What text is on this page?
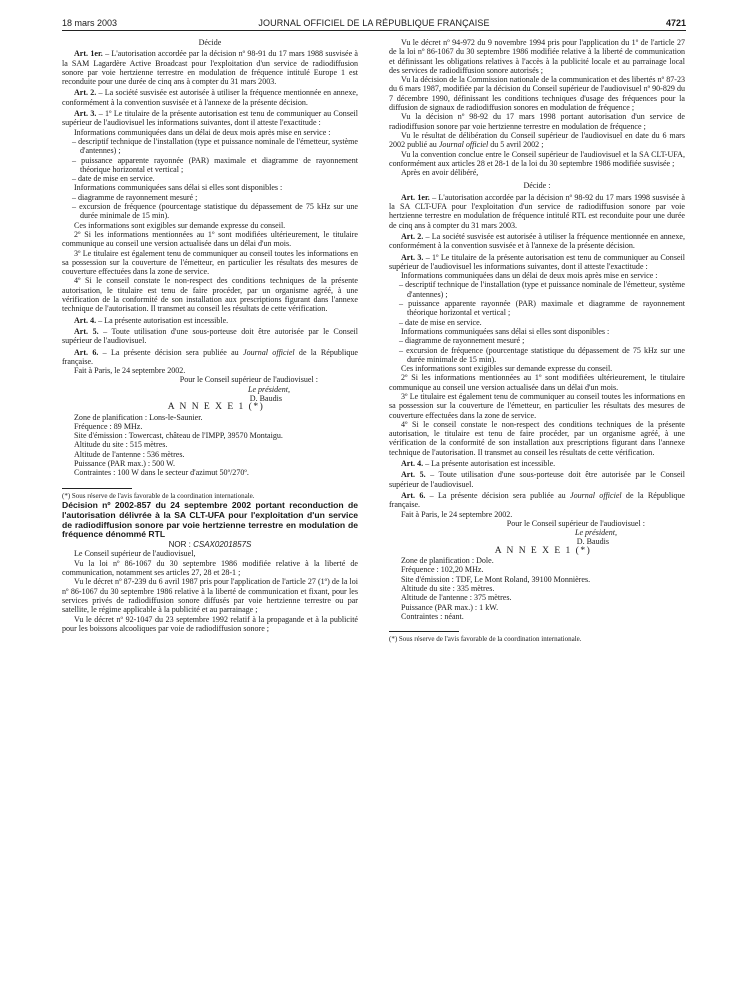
18 mars 2003	JOURNAL OFFICIEL DE LA RÉPUBLIQUE FRANÇAISE	4721

Décide

Art. 1er. – L'autorisation accordée par la décision nº 98-91 du 17 mars 1988 susvisée à la SAM Lagardère Active Broadcast pour l'exploitation d'un service de radiodiffusion sonore par voie hertzienne terrestre en modulation de fréquence intitulé Europe 1 est reconduite pour une durée de cinq ans à compter du 31 mars 2003.

Art. 2. – La société susvisée est autorisée à utiliser la fréquence mentionnée en annexe, conformément à la convention susvisée et à l'annexe de la présente décision.

Art. 3. – 1º Le titulaire de la présente autorisation est tenu de communiquer au Conseil supérieur de l'audiovisuel les informations suivantes, dont il atteste l'exactitude :

Informations communiquées dans un délai de deux mois après mise en service :

– descriptif technique de l'installation (type et puissance nominale de l'émetteur, système d'antennes) ;
– puissance apparente rayonnée (PAR) maximale et diagramme de rayonnement théorique horizontal et vertical ;
– date de mise en service.

Informations communiquées sans délai si elles sont disponibles :

– diagramme de rayonnement mesuré ;
– excursion de fréquence (pourcentage statistique du dépassement de 75 kHz sur une durée minimale de 15 min).

Ces informations sont exigibles sur demande expresse du conseil.

2º Si les informations mentionnées au 1º sont modifiées ultérieurement, le titulaire communique au conseil une version actualisée dans un délai d'un mois.

3º Le titulaire est également tenu de communiquer au conseil toutes les informations en sa possession sur la couverture de l'émetteur, en particulier les résultats des mesures de couverture effectuées dans la zone de service.

4º Si le conseil constate le non-respect des conditions techniques de la présente autorisation, le titulaire est tenu de faire procéder, par un organisme agréé, à une vérification de la conformité de son installation aux prescriptions figurant dans l'annexe technique de l'autorisation. Il transmet au conseil les résultats de cette vérification.

Art. 4. – La présente autorisation est incessible.

Art. 5. – Toute utilisation d'une sous-porteuse doit être autorisée par le Conseil supérieur de l'audiovisuel.

Art. 6. – La présente décision sera publiée au Journal officiel de la République française.

Fait à Paris, le 24 septembre 2002.

Pour le Conseil supérieur de l'audiovisuel :

Le président,

D. Baudis

A N N E X E 1 (*)

Zone de planification : Lons-le-Saunier.

Fréquence : 89 MHz.

Site d'émission : Towercast, château de l'IMPP, 39570 Montaigu.

Altitude du site : 515 mètres.

Altitude de l'antenne : 536 mètres.

Puissance (PAR max.) : 500 W.

Contraintes : 100 W dans le secteur d'azimut 50º/270º.

(*) Sous réserve de l'avis favorable de la coordination internationale.

Décision nº 2002-857 du 24 septembre 2002 portant reconduction de l'autorisation délivrée à la SA CLT-UFA pour l'exploitation d'un service de radiodiffusion sonore par voie hertzienne terrestre en modulation de fréquence dénommé RTL

NOR : CSAX0201857S

Le Conseil supérieur de l'audiovisuel,

Vu la loi nº 86-1067 du 30 septembre 1986 modifiée relative à la liberté de communication, notamment ses articles 27, 28 et 28-1 ;

Vu le décret nº 87-239 du 6 avril 1987 pris pour l'application de l'article 27 (1º) de la loi nº 86-1067 du 30 septembre 1986 relative à la liberté de communication et fixant, pour les services privés de radiodiffusion sonore diffusés par voie hertzienne terrestre ou par satellite, le régime applicable à la publicité et au parrainage ;

Vu le décret nº 92-1047 du 23 septembre 1992 relatif à la propagande et à la publicité pour les boissons alcooliques par voie de radiodiffusion sonore ;

Vu le décret nº 94-972 du 9 novembre 1994 pris pour l'application du 1º de l'article 27 de la loi nº 86-1067 du 30 septembre 1986 modifiée relative à la liberté de communication et définissant les obligations relatives à l'accès à la publicité locale et au parrainage local des services de radiodiffusion sonore autorisés ;

Vu la décision de la Commission nationale de la communication et des libertés nº 87-23 du 6 mars 1987, modifiée par la décision du Conseil supérieur de l'audiovisuel nº 90-829 du 7 décembre 1990, définissant les conditions techniques d'usage des fréquences pour la diffusion de signaux de radiodiffusion sonores en modulation de fréquence ;

Vu la décision nº 98-92 du 17 mars 1998 portant autorisation d'un service de radiodiffusion sonore par voie hertzienne terrestre en modulation de fréquence ;

Vu le résultat de délibération du Conseil supérieur de l'audiovisuel en date du 6 mars 2002 publié au Journal officiel du 5 avril 2002 ;

Vu la convention conclue entre le Conseil supérieur de l'audiovisuel et la SA CLT-UFA, conformément aux articles 28 et 28-1 de la loi du 30 septembre 1986 modifiée susvisée ;

Après en avoir délibéré,

Décide :

Art. 1er. – L'autorisation accordée par la décision nº 98-92 du 17 mars 1998 susvisée à la SA CLT-UFA pour l'exploitation d'un service de radiodiffusion sonore par voie hertzienne terrestre en modulation de fréquence intitulé RTL est reconduite pour une durée de cinq ans à compter du 31 mars 2003.

Art. 2. – La société susvisée est autorisée à utiliser la fréquence mentionnée en annexe, conformément à la convention susvisée et à l'annexe de la présente décision.

Art. 3. – 1º Le titulaire de la présente autorisation est tenu de communiquer au Conseil supérieur de l'audiovisuel les informations suivantes, dont il atteste l'exactitude :

Informations communiquées dans un délai de deux mois après mise en service :

– descriptif technique de l'installation (type et puissance nominale de l'émetteur, système d'antennes) ;
– puissance apparente rayonnée (PAR) maximale et diagramme de rayonnement théorique horizontal et vertical ;
– date de mise en service.

Informations communiquées sans délai si elles sont disponibles :

– diagramme de rayonnement mesuré ;
– excursion de fréquence (pourcentage statistique du dépassement de 75 kHz sur une durée minimale de 15 min).

Ces informations sont exigibles sur demande expresse du conseil.

2º Si les informations mentionnées au 1º sont modifiées ultérieurement, le titulaire communique au conseil une version actualisée dans un délai d'un mois.

3º Le titulaire est également tenu de communiquer au conseil toutes les informations en sa possession sur la couverture de l'émetteur, en particulier les résultats des mesures de couverture effectuées dans la zone de service.

4º Si le conseil constate le non-respect des conditions techniques de la présente autorisation, le titulaire est tenu de faire procéder, par un organisme agréé, à une vérification de la conformité de son installation aux prescriptions figurant dans l'annexe technique de l'autorisation. Il transmet au conseil les résultats de cette vérification.

Art. 4. – La présente autorisation est incessible.

Art. 5. – Toute utilisation d'une sous-porteuse doit être autorisée par le Conseil supérieur de l'audiovisuel.

Art. 6. – La présente décision sera publiée au Journal officiel de la République française.

Fait à Paris, le 24 septembre 2002.

Pour le Conseil supérieur de l'audiovisuel :

Le président,

D. Baudis

A N N E X E 1 (*)

Zone de planification : Dole.

Fréquence : 102,20 MHz.

Site d'émission : TDF, Le Mont Roland, 39100 Monnières.

Altitude du site : 335 mètres.

Altitude de l'antenne : 375 mètres.

Puissance (PAR max.) : 1 kW.

Contraintes : néant.

(*) Sous réserve de l'avis favorable de la coordination internationale.
